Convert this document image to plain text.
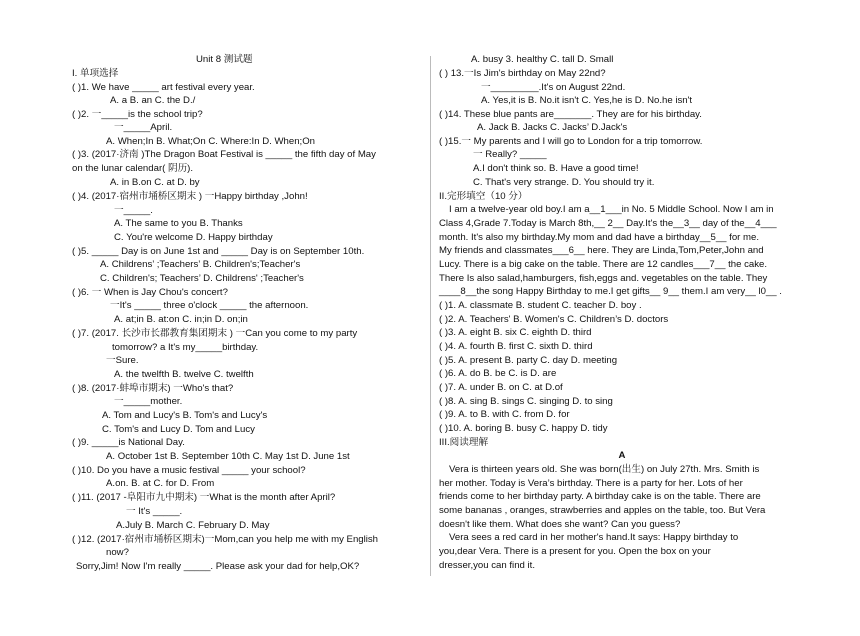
Unit 8 测试题
I. 单项选择
( )1. We have _____ art festival every year.
A. a B. an C. the D./
( )2. 一_____is the school trip?
一_____April.
A. When;In B. What;On C. Where:In D. When;On
( )3. (2017·济南 )The Dragon Boat Festival is _____ the fifth day of May
on the lunar calendar( 阴历).
A. in B.on C. at D. by
( )4. (2017·宿州市埇桥区期末 ) 一Happy birthday ,John!
一_____.
A. The same to you B. Thanks
C. You're welcome D. Happy birthday
( )5. _____ Day is on June 1st and _____ Day is on September 10th.
A. Childrens’ ;Teachers’ B. Children's;Teacher's
C. Children's; Teachers’ D. Childrens' ;Teacher's
( )6. 一 When is Jay Chou's concert?
一It's _____ three o'clock _____ the afternoon.
A. at;in B. at:on C. in;in D. on;in
( )7. (2017. 长沙市长郡教育集团期末 ) 一Can you come to my party
tomorrow? a It's my_____birthday.
一Sure.
A. the twelfth B. twelve C. twelfth
( )8. (2017·蚌埠市期末) 一Who's that?
一_____mother.
A. Tom and Lucy's B. Tom's and Lucy's
C. Tom's and Lucy D. Tom and Lucy
( )9. _____is National Day.
A. October 1st B. September 10th C. May 1st D. June 1st
( )10. Do you have a music festival _____ your school?
A.on. B. at C. for D. From
( )11. (2017 -阜阳市九中期末) 一What is the month after April?
一 It's _____.
A.July B. March C. February D. May
( )12. (2017·宿州市埇桥区期末)一Mom,can you help me with my English
now?
Sorry,Jim! Now I'm really _____. Please ask your dad for help,OK?
A. busy 3. healthy C. tall D. Small
( ) 13.一Is Jim's birthday on May 22nd?
一_________.It's on August 22nd.
A. Yes,it is B. No.it isn't C. Yes,he is D. No.he isn't
( )14. These blue pants are_______. They are for his birthday.
A. Jack B. Jacks C. Jacks’ D.Jack's
( )15.一 My parents and I will go to London for a trip tomorrow.
一 Really? _____
A.I don't think so. B. Have a good time!
C. That's very strange. D. You should try it.
II.完形填空（10 分）
I am a twelve-year old boy.I am a__1___in No. 5 Middle School. Now I am in
Class 4,Grade 7.Today is March 8th,__ 2__ Day.It's the__3__ day of the__4___
month. It's also my birthday.My mom and dad have a birthday__5__ for me.
My friends and classmates___6__ here. They are Linda,Tom,Peter,John and
Lucy. There is a big cake on the table. There are 12 candles___7__ the cake.
There Is also salad,hamburgers, fish,eggs and. vegetables on the table. They
____8__the song Happy Birthday to me.I get gifts__ 9__ them.I am very__ l0__ .
( )1. A. classmate B. student C. teacher D. boy .
( )2. A. Teachers' B. Women's C. Children’s D. doctors
( )3. A. eight B. six C. eighth D. third
( )4. A. fourth B. first C. sixth D. third
( )5. A. present B. party C. day D. meeting
( )6. A. do B. be C. is D. are
( )7. A. under B. on C. at D.of
( )8. A. sing B. sings C. singing D. to sing
( )9. A. to B. with C. from D. for
( )10. A. boring B. busy C. happy D. tidy
III.阅读理解
A
Vera is thirteen years old. She was born(出生) on July 27th. Mrs. Smith is
her mother. Today is Vera’s birthday. There is a party for her. Lots of her
friends come to her birthday party. A birthday cake is on the table. There are
some bananas , oranges, strawberries and apples on the table, too. But Vera
doesn't like them. What does she want? Can you guess?
Vera sees a red card in her mother's hand.It says: Happy birthday to
you,dear Vera. There is a present for you. Open the box on your
dresser,you can find it.
